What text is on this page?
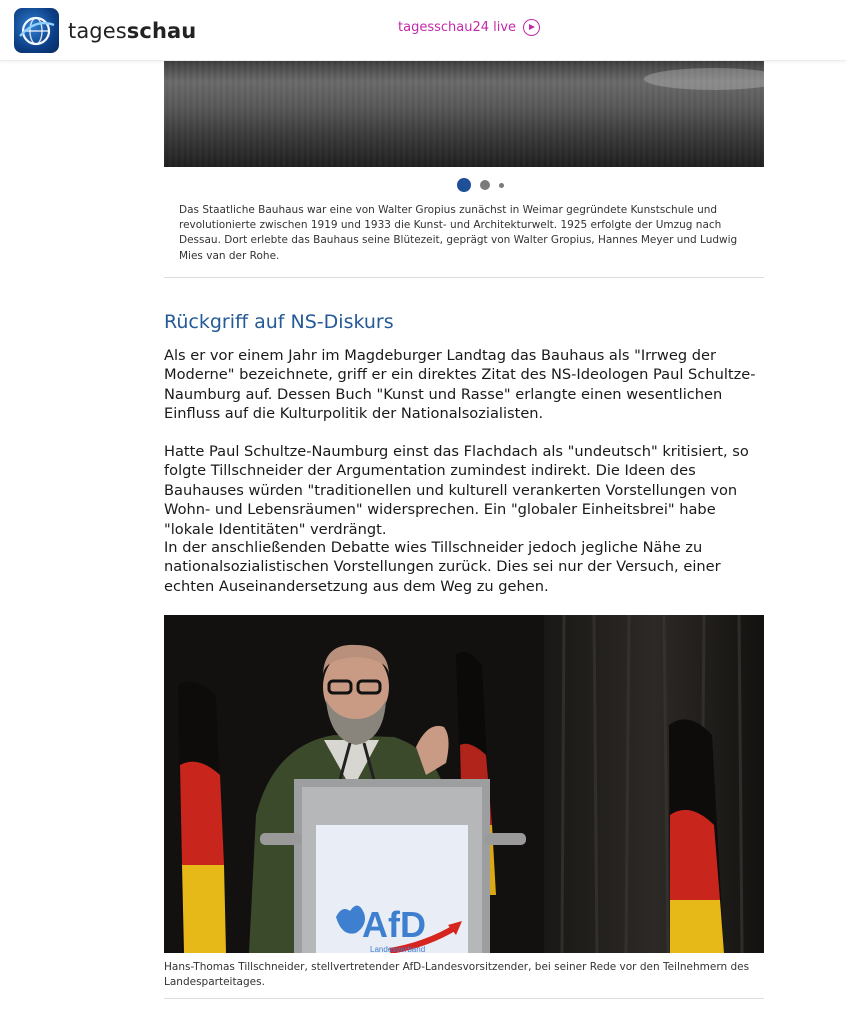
tagesschau	tagesschau24 live
Das Staatliche Bauhaus war eine von Walter Gropius zunächst in Weimar gegründete Kunstschule und revolutionierte zwischen 1919 und 1933 die Kunst- und Architekturwelt. 1925 erfolgte der Umzug nach Dessau. Dort erlebte das Bauhaus seine Blütezeit, geprägt von Walter Gropius, Hannes Meyer und Ludwig Mies van der Rohe.
Rückgriff auf NS-Diskurs

Als er vor einem Jahr im Magdeburger Landtag das Bauhaus als "Irrweg der Moderne" bezeichnete, griff er ein direktes Zitat des NS-Ideologen Paul Schultze-Naumburg auf. Dessen Buch "Kunst und Rasse" erlangte einen wesentlichen Einfluss auf die Kulturpolitik der Nationalsozialisten.

Hatte Paul Schultze-Naumburg einst das Flachdach als "undeutsch" kritisiert, so folgte Tillschneider der Argumentation zumindest indirekt. Die Ideen des Bauhauses würden "traditionellen und kulturell verankerten Vorstellungen von Wohn- und Lebensräumen" widersprechen. Ein "globaler Einheitsbrei" habe "lokale Identitäten" verdrängt.

In der anschließenden Debatte wies Tillschneider jedoch jegliche Nähe zu nationalsozialistischen Vorstellungen zurück. Dies sei nur der Versuch, einer echten Auseinandersetzung aus dem Weg zu gehen.

AfD
Landesverband
Hans-Thomas Tillschneider, stellvertretender AfD-Landesvorsitzender, bei seiner Rede vor den Teilnehmern des Landesparteitages.
